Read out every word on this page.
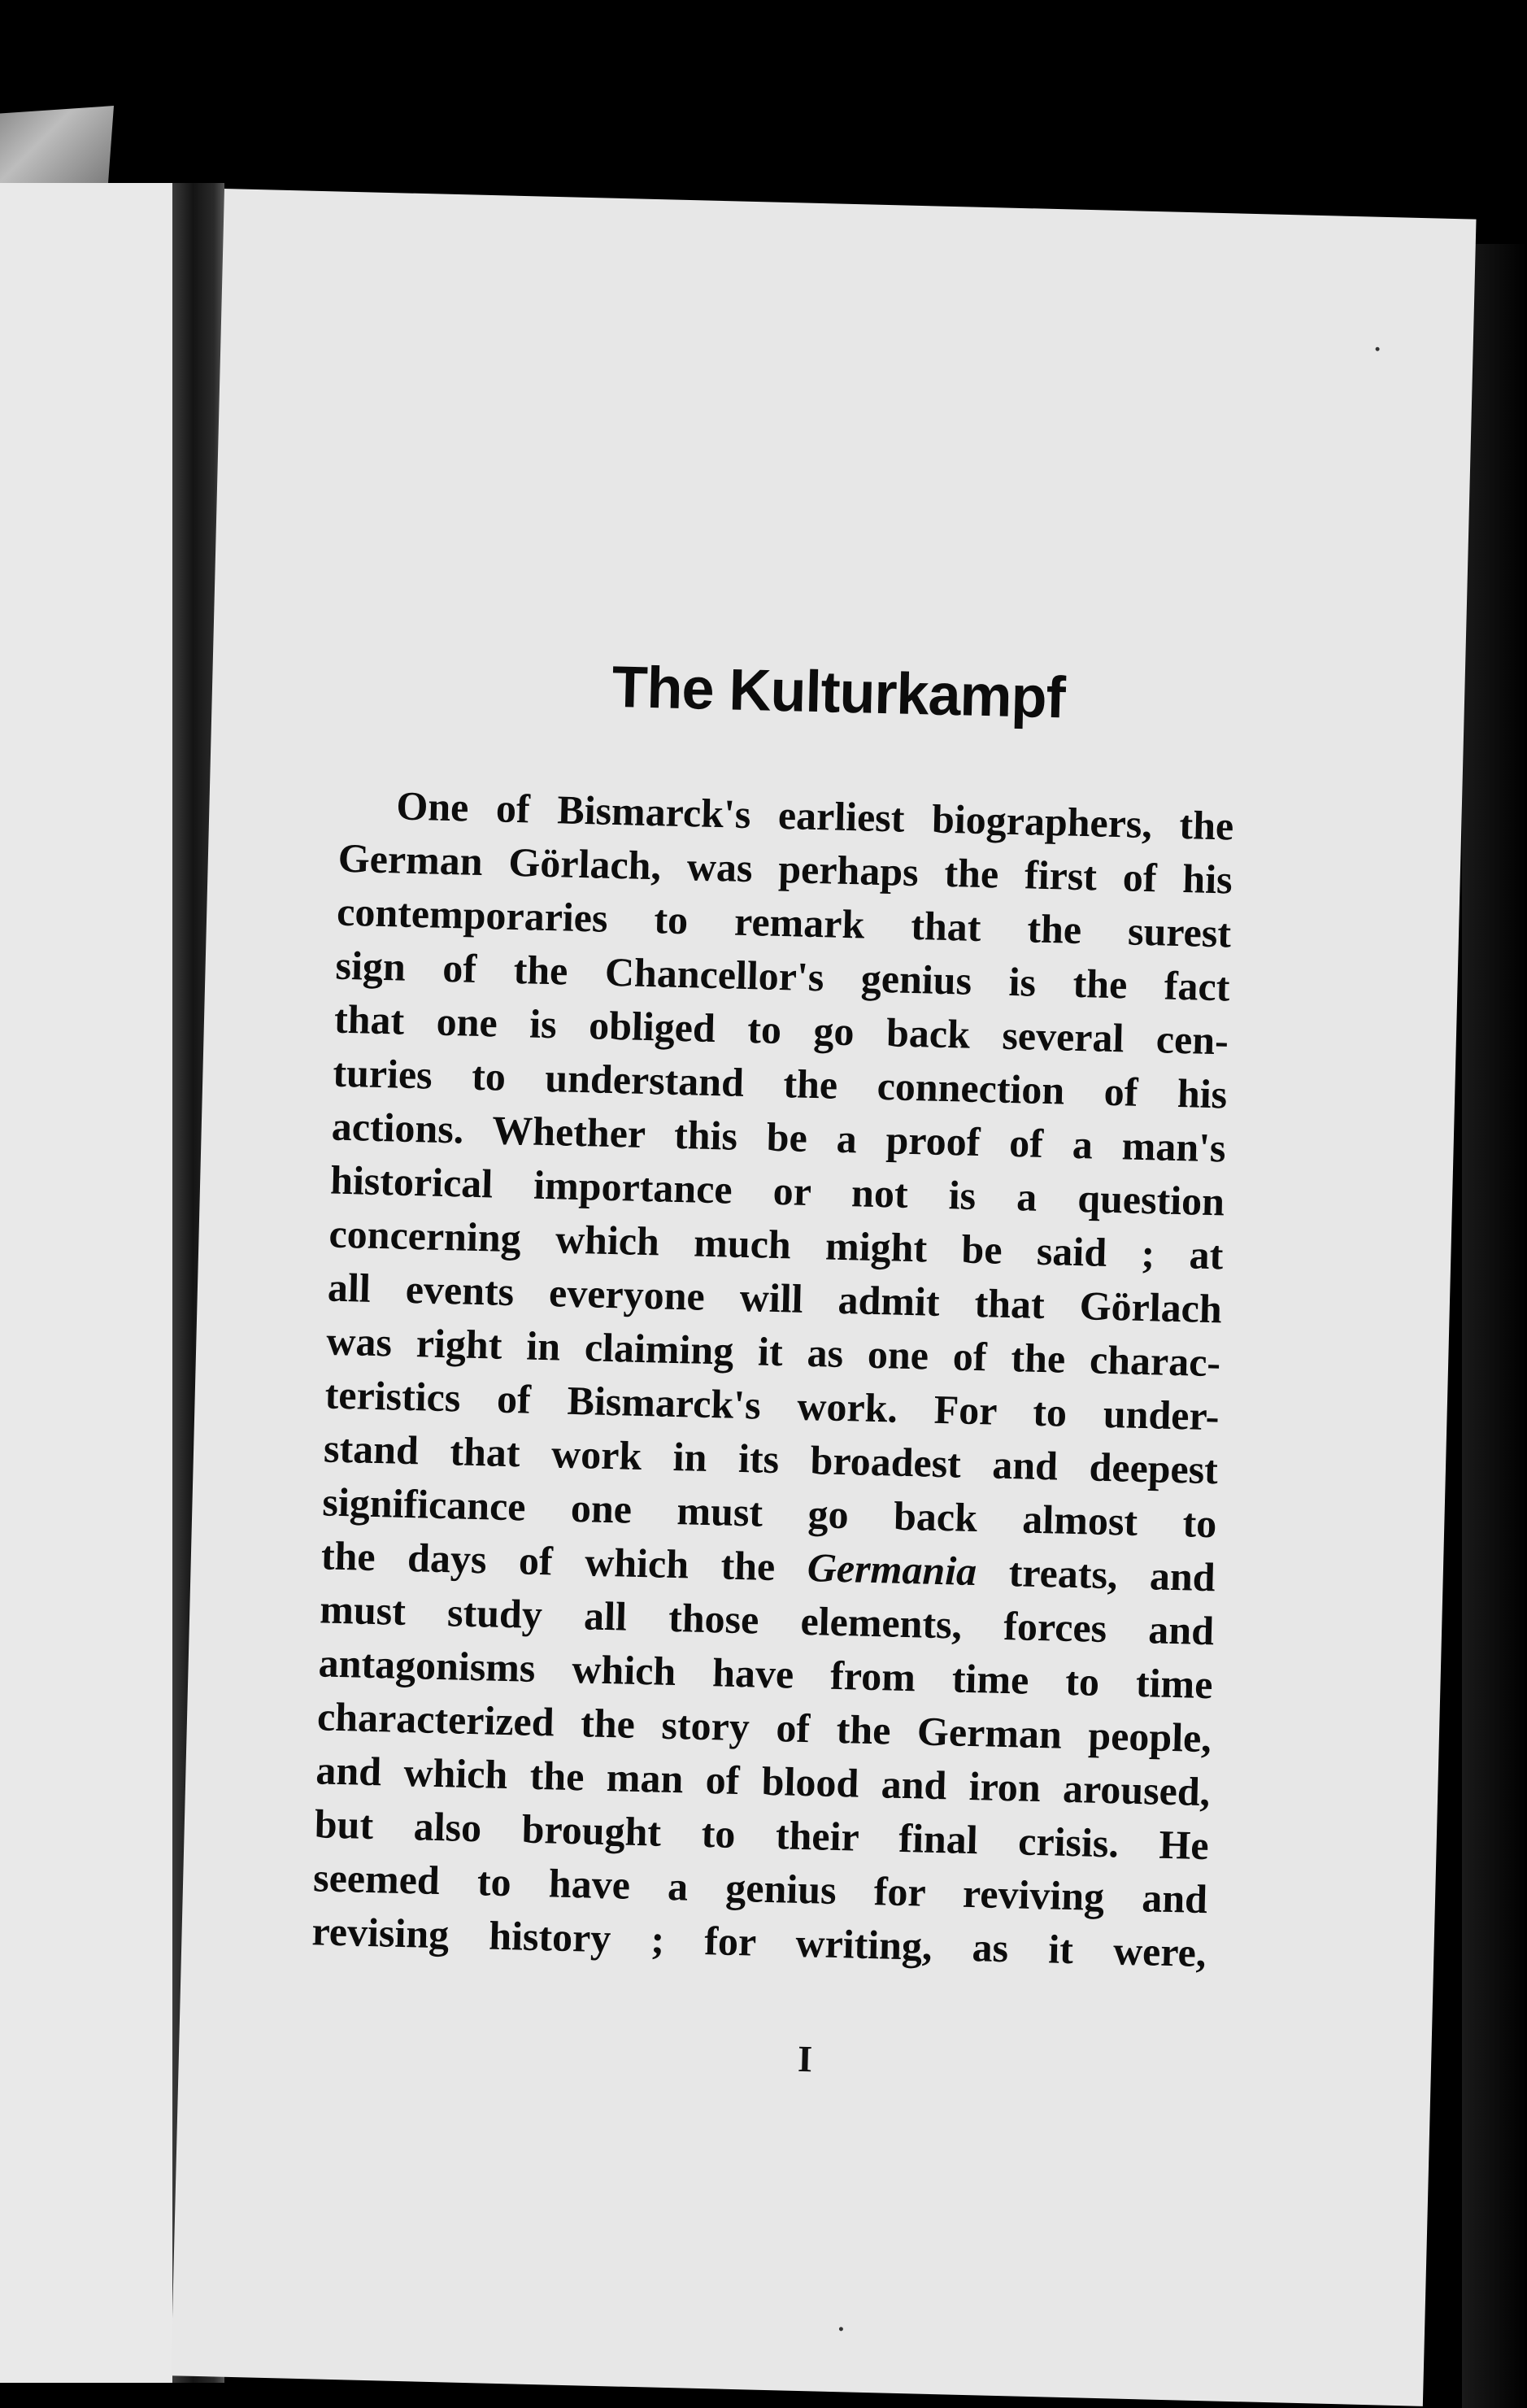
The Kulturkampf
One of Bismarck's earliest biographers, the
German Görlach, was perhaps the first of his
contemporaries to remark that the surest
sign of the Chancellor's genius is the fact
that one is obliged to go back several cen-
turies to understand the connection of his
actions. Whether this be a proof of a man's
historical importance or not is a question
concerning which much might be said ; at
all events everyone will admit that Görlach
was right in claiming it as one of the charac-
teristics of Bismarck's work. For to under-
stand that work in its broadest and deepest
significance one must go back almost to
the days of which the Germania treats, and
must study all those elements, forces and
antagonisms which have from time to time
characterized the story of the German people,
and which the man of blood and iron aroused,
but also brought to their final crisis. He
seemed to have a genius for reviving and
revising history ; for writing, as it were,
I
